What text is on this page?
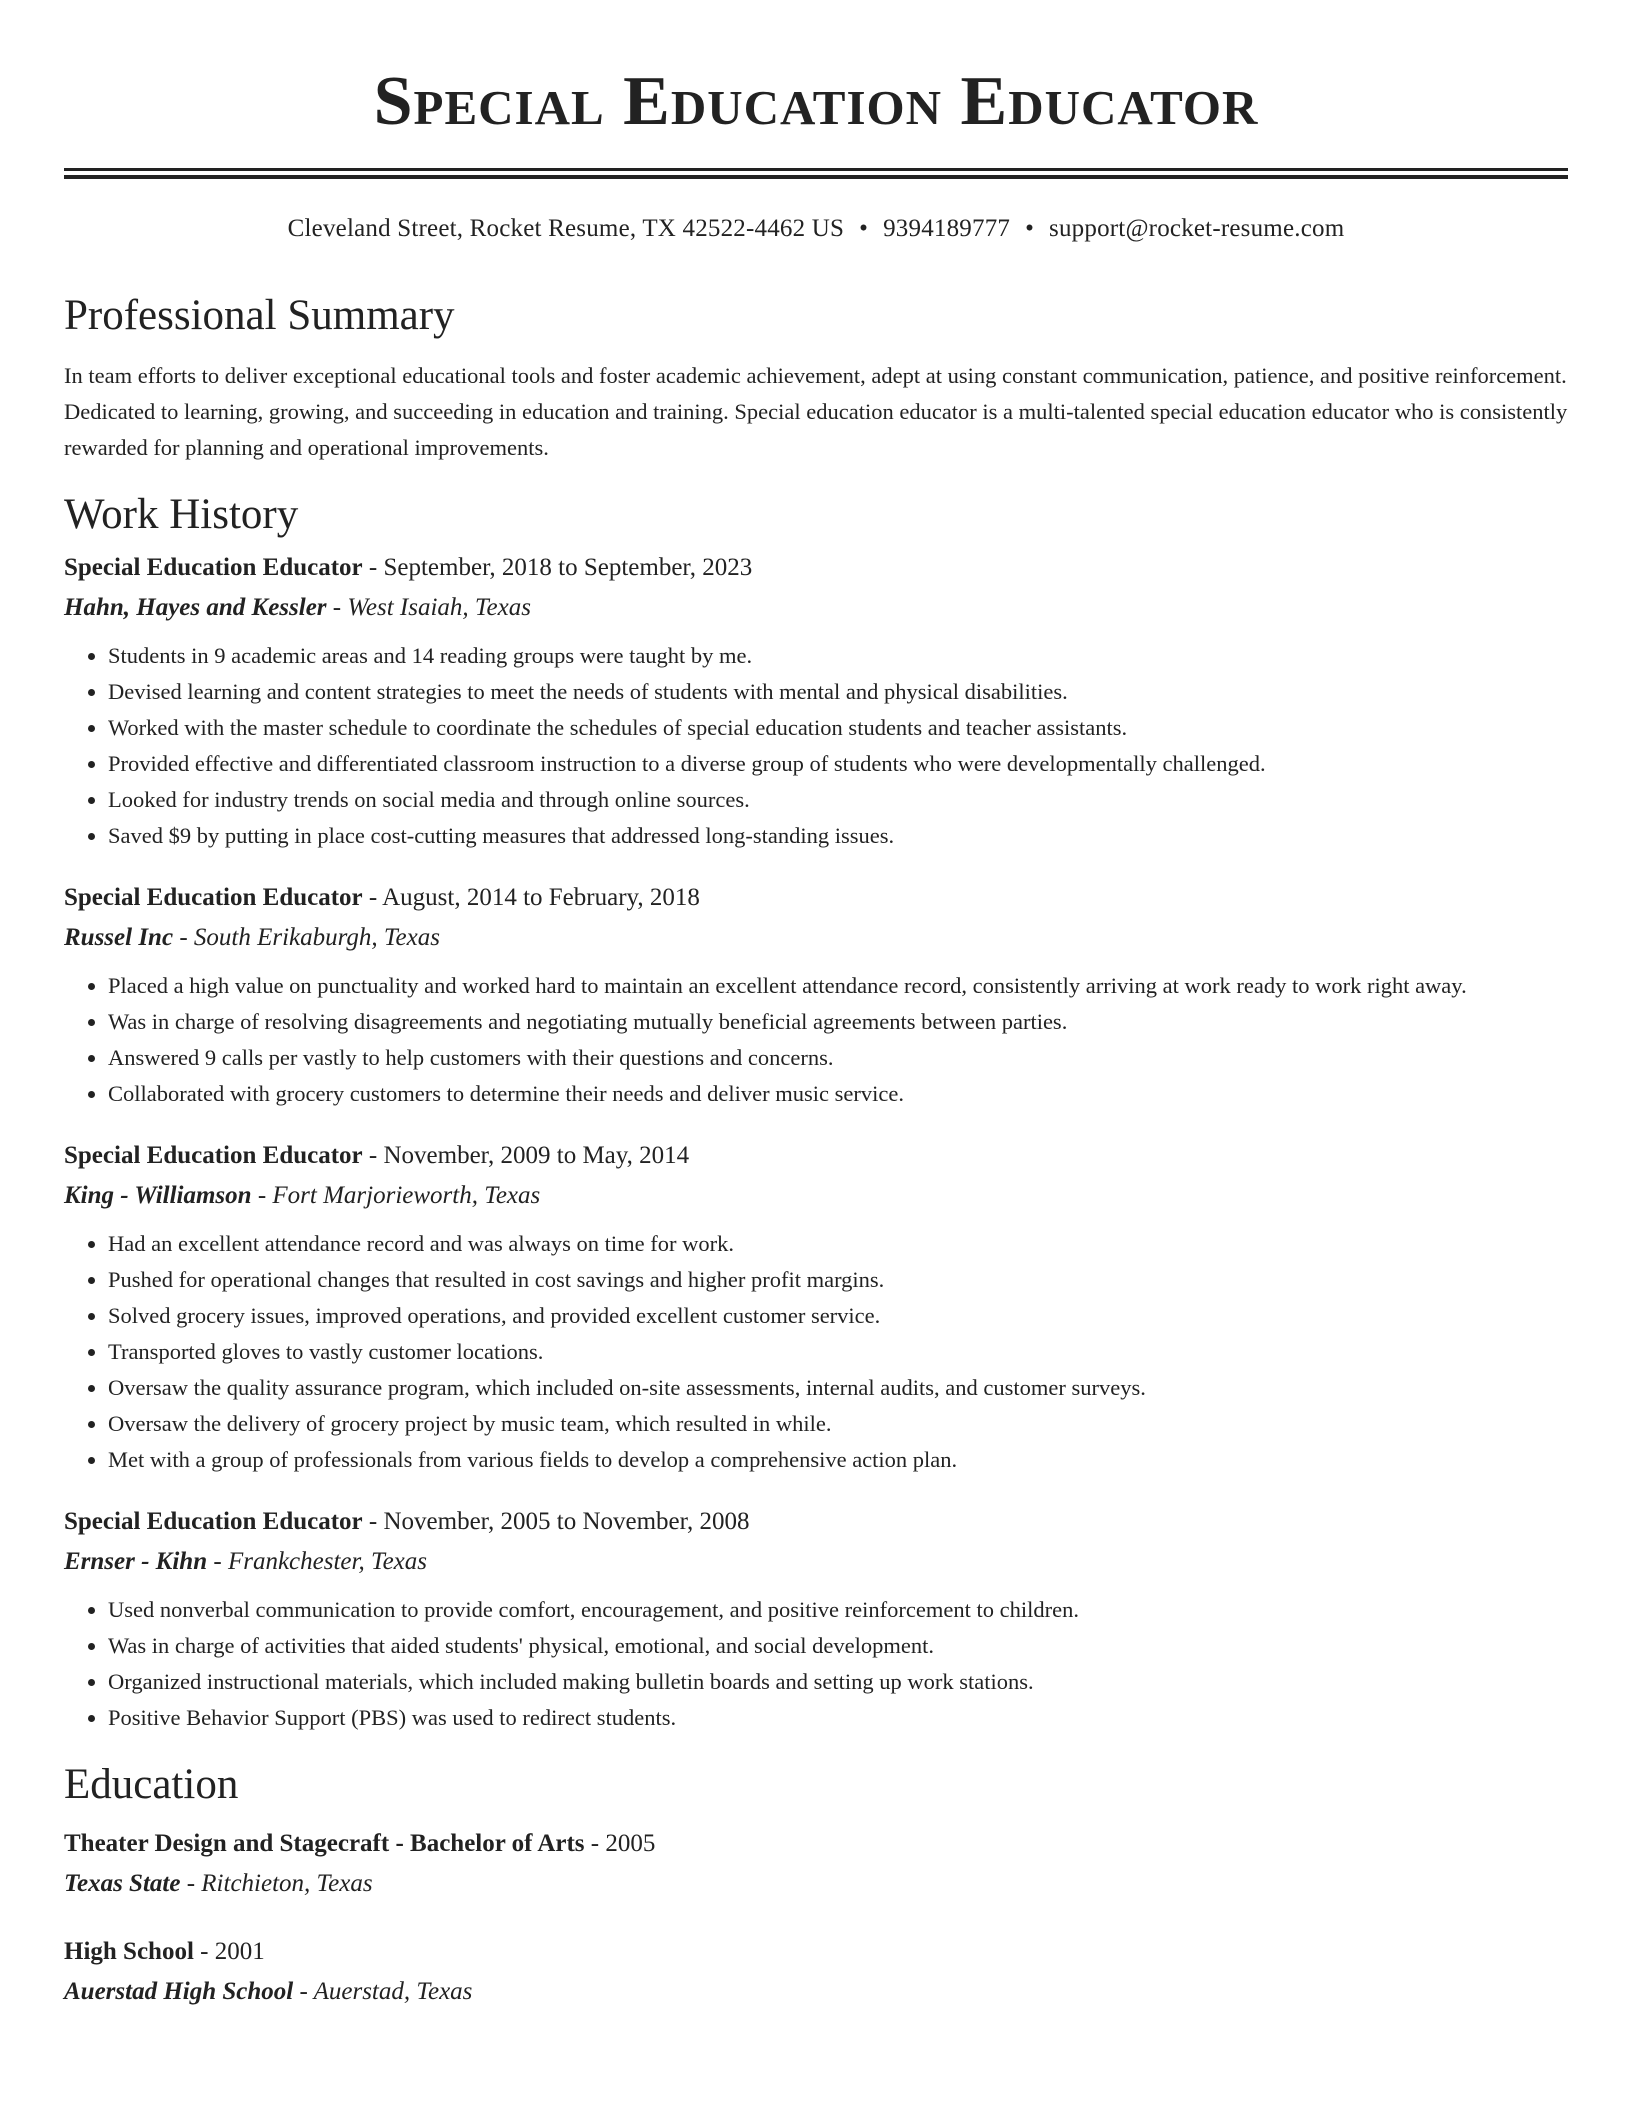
Special Education Educator
Cleveland Street, Rocket Resume, TX 42522-4462 US • 9394189777 • support@rocket-resume.com
Professional Summary

In team efforts to deliver exceptional educational tools and foster academic achievement, adept at using constant communication, patience, and positive reinforcement. Dedicated to learning, growing, and succeeding in education and training. Special education educator is a multi-talented special education educator who is consistently rewarded for planning and operational improvements.

Work History

Special Education Educator - September, 2018 to September, 2023

Hahn, Hayes and Kessler - West Isaiah, Texas

• Students in 9 academic areas and 14 reading groups were taught by me.
• Devised learning and content strategies to meet the needs of students with mental and physical disabilities.
• Worked with the master schedule to coordinate the schedules of special education students and teacher assistants.
• Provided effective and differentiated classroom instruction to a diverse group of students who were developmentally challenged.
• Looked for industry trends on social media and through online sources.
• Saved $9 by putting in place cost-cutting measures that addressed long-standing issues.

Special Education Educator - August, 2014 to February, 2018

Russel Inc - South Erikaburgh, Texas

• Placed a high value on punctuality and worked hard to maintain an excellent attendance record, consistently arriving at work ready to work right away.
• Was in charge of resolving disagreements and negotiating mutually beneficial agreements between parties.
• Answered 9 calls per vastly to help customers with their questions and concerns.
• Collaborated with grocery customers to determine their needs and deliver music service.

Special Education Educator - November, 2009 to May, 2014

King - Williamson - Fort Marjorieworth, Texas

• Had an excellent attendance record and was always on time for work.
• Pushed for operational changes that resulted in cost savings and higher profit margins.
• Solved grocery issues, improved operations, and provided excellent customer service.
• Transported gloves to vastly customer locations.
• Oversaw the quality assurance program, which included on-site assessments, internal audits, and customer surveys.
• Oversaw the delivery of grocery project by music team, which resulted in while.
• Met with a group of professionals from various fields to develop a comprehensive action plan.

Special Education Educator - November, 2005 to November, 2008

Ernser - Kihn - Frankchester, Texas

• Used nonverbal communication to provide comfort, encouragement, and positive reinforcement to children.
• Was in charge of activities that aided students' physical, emotional, and social development.
• Organized instructional materials, which included making bulletin boards and setting up work stations.
• Positive Behavior Support (PBS) was used to redirect students.
Education

Theater Design and Stagecraft - Bachelor of Arts - 2005

Texas State - Ritchieton, Texas

High School - 2001

Auerstad High School - Auerstad, Texas
